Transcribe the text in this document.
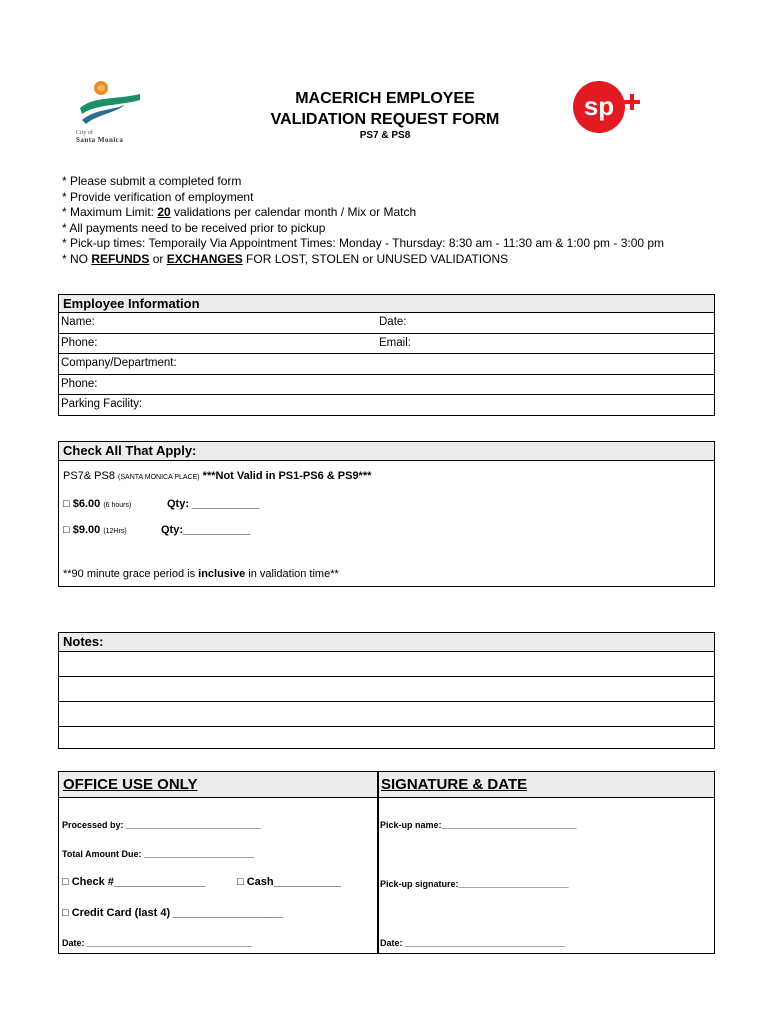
City of
Santa Monica
MACERICH EMPLOYEE
VALIDATION REQUEST FORM
PS7 & PS8
sp
* Please submit a completed form
* Provide verification of employment
* Maximum Limit: 20 validations per calendar month / Mix or Match
* All payments need to be received prior to pickup
* Pick-up times: Temporaily Via Appointment Times: Monday - Thursday: 8:30 am - 11:30 am & 1:00 pm - 3:00 pm
* NO REFUNDS or EXCHANGES FOR LOST, STOLEN or UNUSED VALIDATIONS
Employee Information
Name:	Date:
Phone:	Email:
Company/Department:
Phone:
Parking Facility:
Check All That Apply:
PS7& PS8 (SANTA MONICA PLACE) ***Not Valid in PS1-PS6 & PS9***
□ $6.00 (6 hours)	Qty: ___________
□ $9.00 (12Hrs)	Qty:___________
**90 minute grace period is inclusive in validation time**
Notes:
OFFICE USE ONLY	SIGNATURE & DATE
Processed by: ___________________________	Pick-up name:___________________________
Total Amount Due: ______________________
□ Check #_______________	□ Cash___________	Pick-up signature:______________________
□ Credit Card (last 4) __________________
Date: _________________________________	Date: ________________________________
